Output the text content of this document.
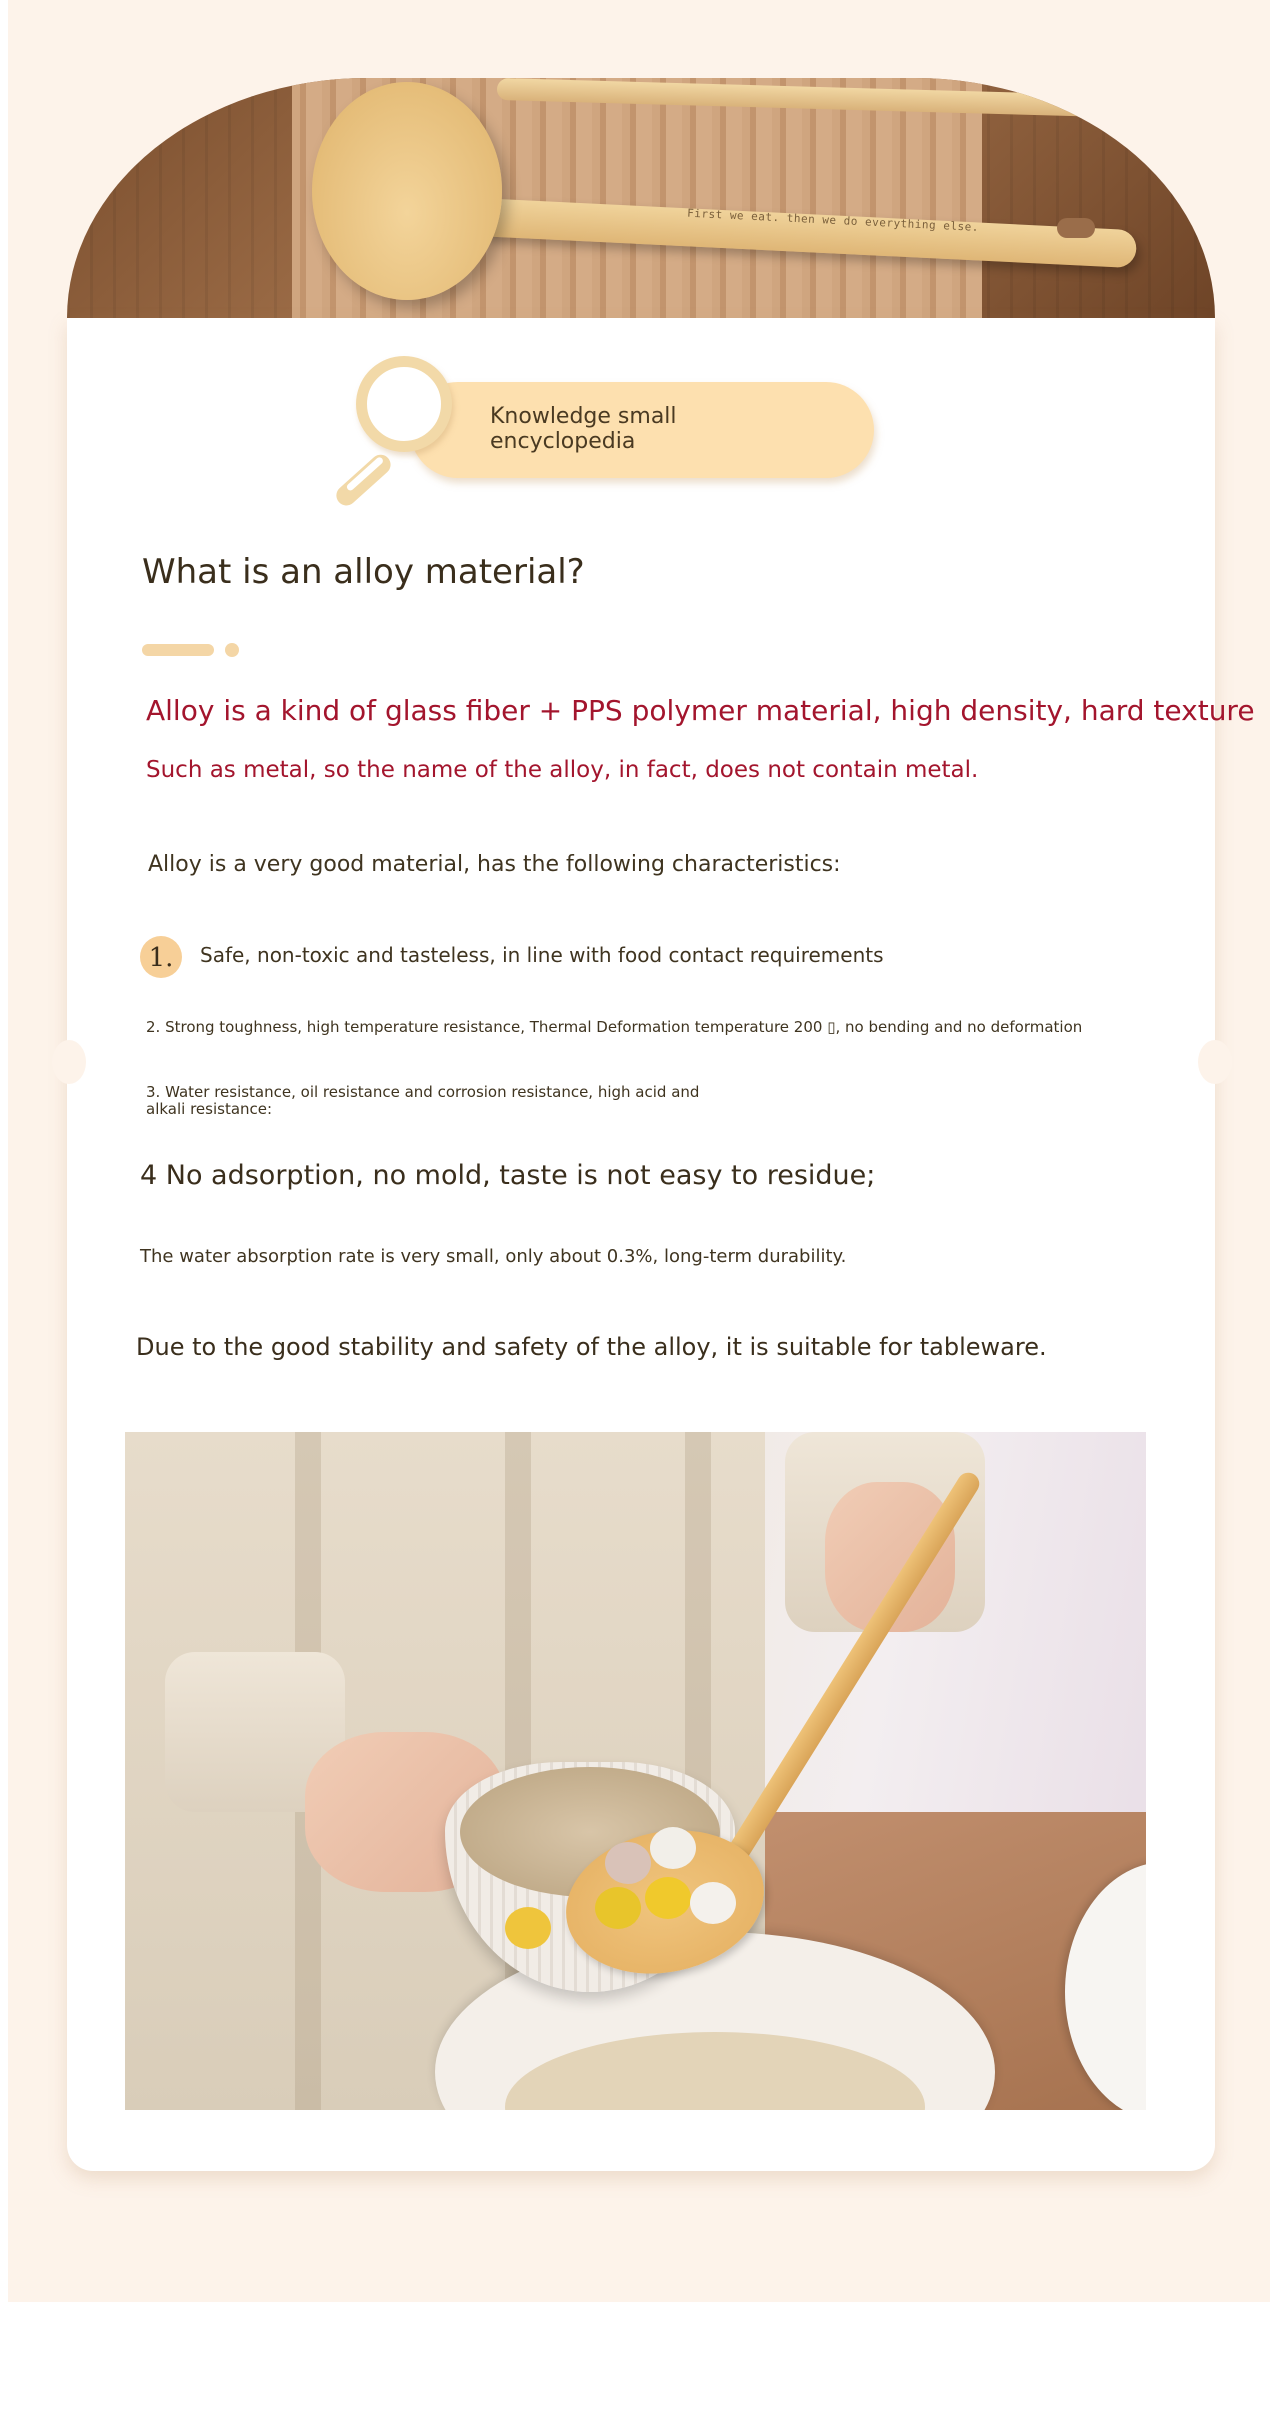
First we eat. then we do everything else.
Knowledge small encyclopedia
What is an alloy material?
Alloy is a kind of glass fiber + PPS polymer material, high density, hard texture
Such as metal, so the name of the alloy, in fact, does not contain metal.
Alloy is a very good material, has the following characteristics:
1.	Safe, non-toxic and tasteless, in line with food contact requirements
2. Strong toughness, high temperature resistance, Thermal Deformation temperature 200 ▯, no bending and no deformation
3. Water resistance, oil resistance and corrosion resistance, high acid and alkali resistance:
4 No adsorption, no mold, taste is not easy to residue;
The water absorption rate is very small, only about 0.3%, long-term durability.
Due to the good stability and safety of the alloy, it is suitable for tableware.
